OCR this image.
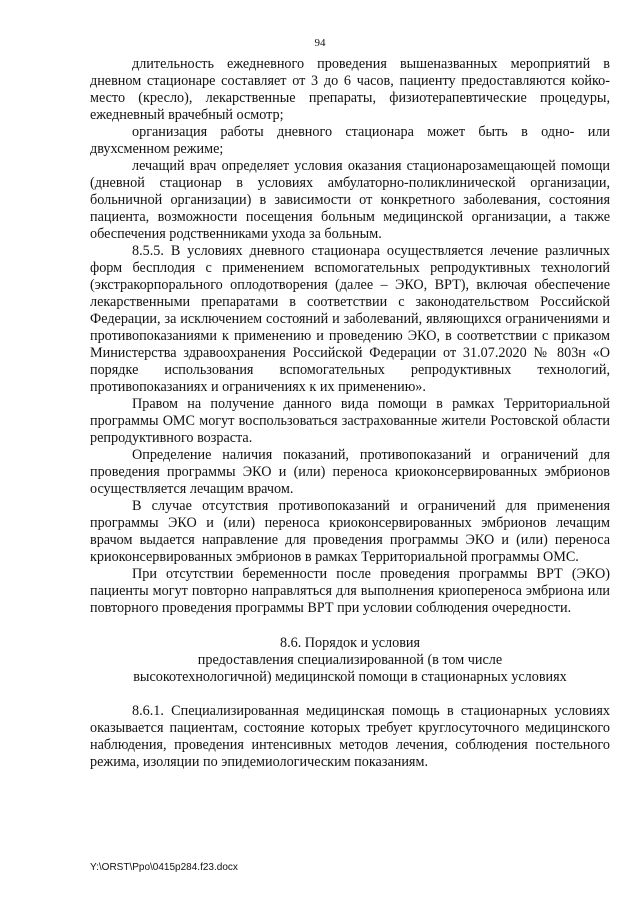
94

длительность ежедневного проведения вышеназванных мероприятий в дневном стационаре составляет от 3 до 6 часов, пациенту предоставляются койко-место (кресло), лекарственные препараты, физиотерапевтические процедуры, ежедневный врачебный осмотр;

организация работы дневного стационара может быть в одно- или двухсменном режиме;

лечащий врач определяет условия оказания стационарозамещающей помощи (дневной стационар в условиях амбулаторно-поликлинической организации, больничной организации) в зависимости от конкретного заболевания, состояния пациента, возможности посещения больным медицинской организации, а также обеспечения родственниками ухода за больным.

8.5.5. В условиях дневного стационара осуществляется лечение различных форм бесплодия с применением вспомогательных репродуктивных технологий (экстракорпорального оплодотворения (далее – ЭКО, ВРТ), включая обеспечение лекарственными препаратами в соответствии с законодательством Российской Федерации, за исключением состояний и заболеваний, являющихся ограничениями и противопоказаниями к применению и проведению ЭКО, в соответствии с приказом Министерства здравоохранения Российской Федерации от 31.07.2020 № 803н «О порядке использования вспомогательных репродуктивных технологий, противопоказаниях и ограничениях к их применению».

Правом на получение данного вида помощи в рамках Территориальной программы ОМС могут воспользоваться застрахованные жители Ростовской области репродуктивного возраста.

Определение наличия показаний, противопоказаний и ограничений для проведения программы ЭКО и (или) переноса криоконсервированных эмбрионов осуществляется лечащим врачом.

В случае отсутствия противопоказаний и ограничений для применения программы ЭКО и (или) переноса криоконсервированных эмбрионов лечащим врачом выдается направление для проведения программы ЭКО и (или) переноса криоконсервированных эмбрионов в рамках Территориальной программы ОМС.

При отсутствии беременности после проведения программы ВРТ (ЭКО) пациенты могут повторно направляться для выполнения криопереноса эмбриона или повторного проведения программы ВРТ при условии соблюдения очередности.

8.6. Порядок и условия
предоставления специализированной (в том числе
высокотехнологичной) медицинской помощи в стационарных условиях

8.6.1. Специализированная медицинская помощь в стационарных условиях оказывается пациентам, состояние которых требует круглосуточного медицинского наблюдения, проведения интенсивных методов лечения, соблюдения постельного режима, изоляции по эпидемиологическим показаниям.

Y:\ORST\Ppo\0415p284.f23.docx
